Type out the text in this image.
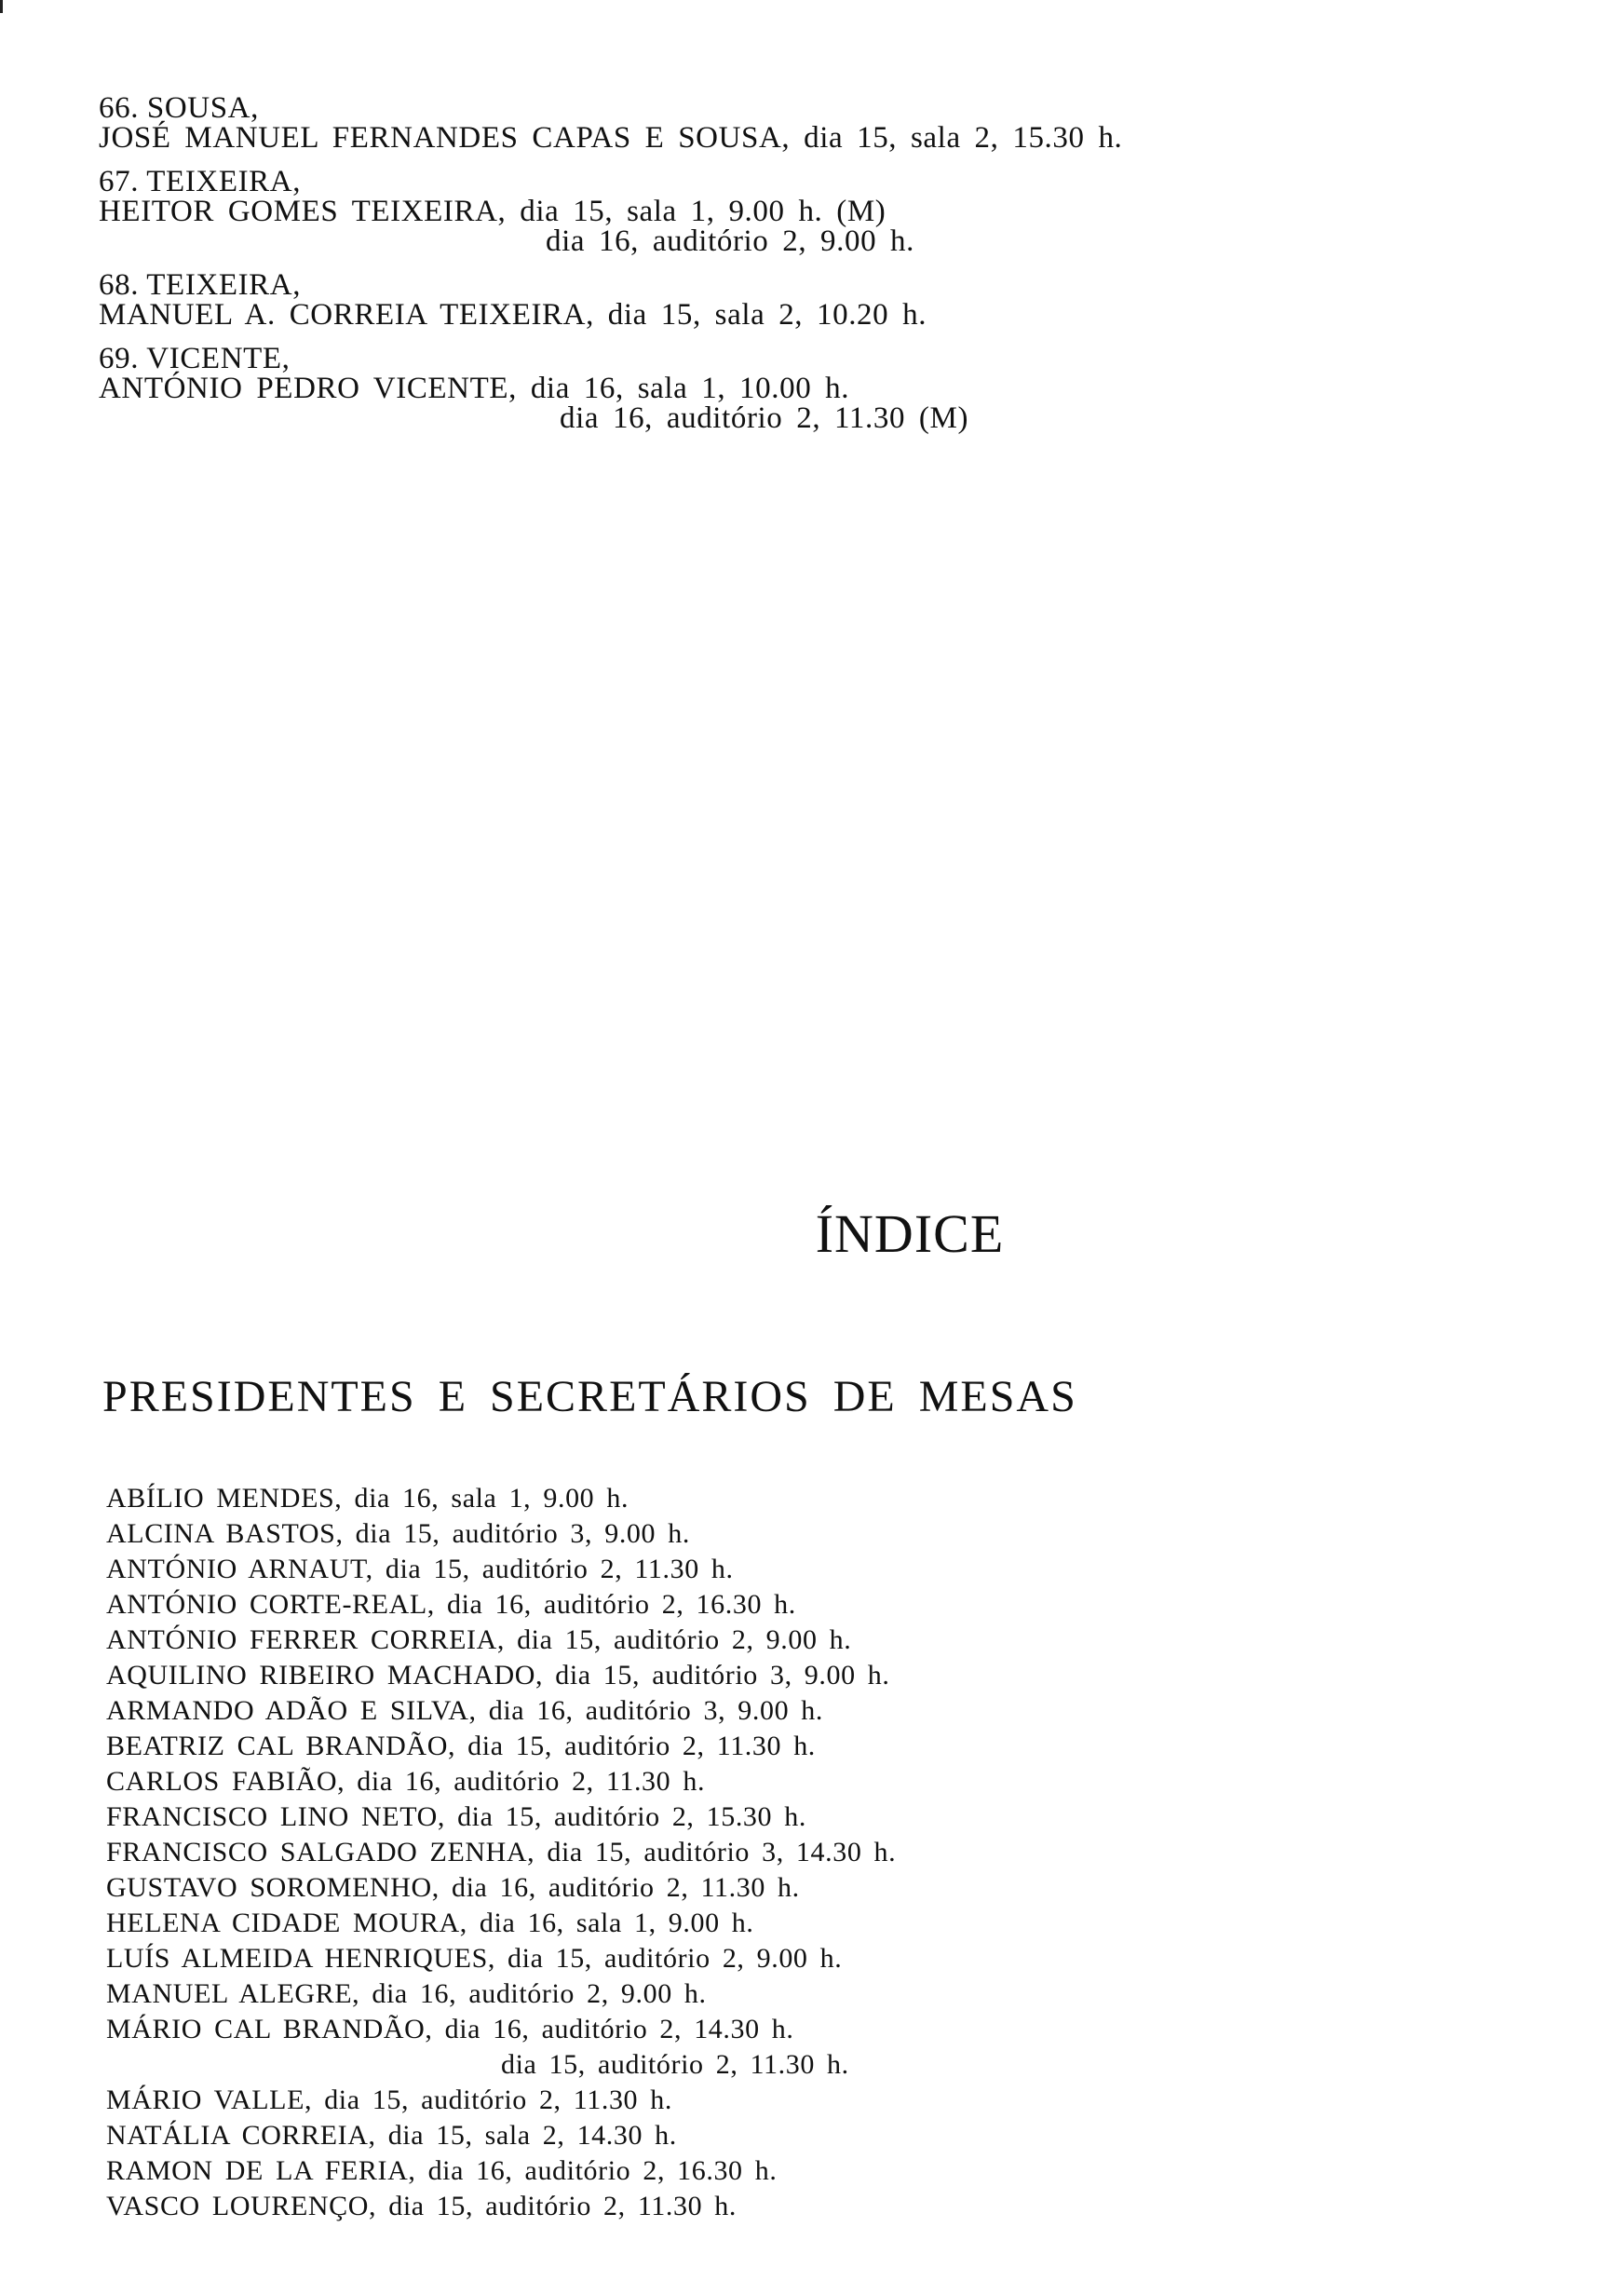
66. SOUSA,
JOSÉ MANUEL FERNANDES CAPAS E SOUSA, dia 15, sala 2, 15.30 h.
67. TEIXEIRA,
HEITOR GOMES TEIXEIRA, dia 15, sala 1, 9.00 h. (M)
dia 16, auditório 2, 9.00 h.
68. TEIXEIRA,
MANUEL A. CORREIA TEIXEIRA, dia 15, sala 2, 10.20 h.
69. VICENTE,
ANTÓNIO PEDRO VICENTE, dia 16, sala 1, 10.00 h.
dia 16, auditório 2, 11.30 (M)
ÍNDICE
PRESIDENTES E SECRETÁRIOS DE MESAS
ABÍLIO MENDES, dia 16, sala 1, 9.00 h.
ALCINA BASTOS, dia 15, auditório 3, 9.00 h.
ANTÓNIO ARNAUT, dia 15, auditório 2, 11.30 h.
ANTÓNIO CORTE-REAL, dia 16, auditório 2, 16.30 h.
ANTÓNIO FERRER CORREIA, dia 15, auditório 2, 9.00 h.
AQUILINO RIBEIRO MACHADO, dia 15, auditório 3, 9.00 h.
ARMANDO ADÃO E SILVA, dia 16, auditório 3, 9.00 h.
BEATRIZ CAL BRANDÃO, dia 15, auditório 2, 11.30 h.
CARLOS FABIÃO, dia 16, auditório 2, 11.30 h.
FRANCISCO LINO NETO, dia 15, auditório 2, 15.30 h.
FRANCISCO SALGADO ZENHA, dia 15, auditório 3, 14.30 h.
GUSTAVO SOROMENHO, dia 16, auditório 2, 11.30 h.
HELENA CIDADE MOURA, dia 16, sala 1, 9.00 h.
LUÍS ALMEIDA HENRIQUES, dia 15, auditório 2, 9.00 h.
MANUEL ALEGRE, dia 16, auditório 2, 9.00 h.
MÁRIO CAL BRANDÃO, dia 16, auditório 2, 14.30 h.
dia 15, auditório 2, 11.30 h.
MÁRIO VALLE, dia 15, auditório 2, 11.30 h.
NATÁLIA CORREIA, dia 15, sala 2, 14.30 h.
RAMON DE LA FERIA, dia 16, auditório 2, 16.30 h.
VASCO LOURENÇO, dia 15, auditório 2, 11.30 h.
